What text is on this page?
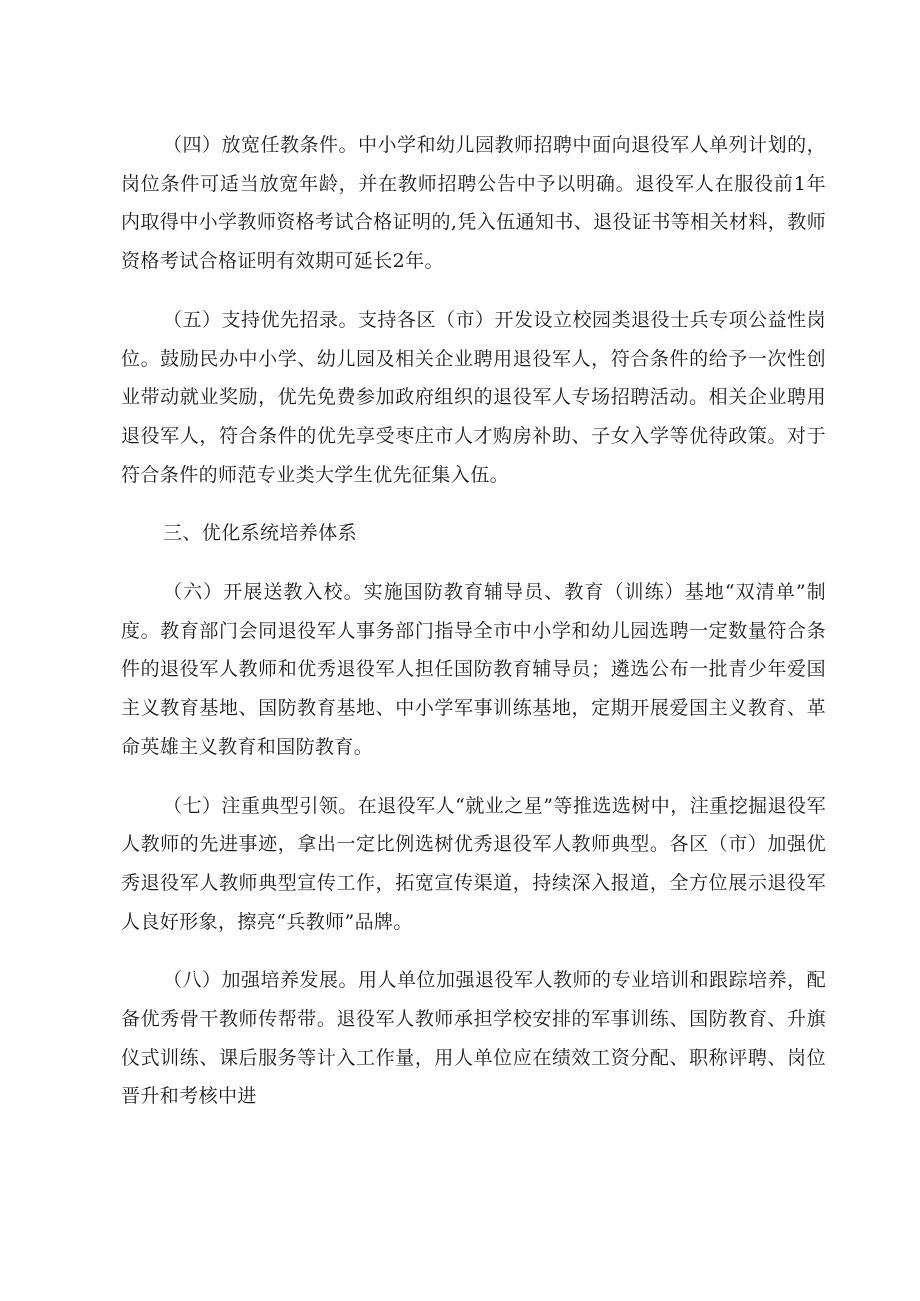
（四）放宽任教条件。中小学和幼儿园教师招聘中面向退役军人单列计划的，岗位条件可适当放宽年龄，并在教师招聘公告中予以明确。退役军人在服役前1年内取得中小学教师资格考试合格证明的,凭入伍通知书、退役证书等相关材料，教师资格考试合格证明有效期可延长2年。

（五）支持优先招录。支持各区（市）开发设立校园类退役士兵专项公益性岗位。鼓励民办中小学、幼儿园及相关企业聘用退役军人，符合条件的给予一次性创业带动就业奖励，优先免费参加政府组织的退役军人专场招聘活动。相关企业聘用退役军人，符合条件的优先享受枣庄市人才购房补助、子女入学等优待政策。对于符合条件的师范专业类大学生优先征集入伍。

三、优化系统培养体系

（六）开展送教入校。实施国防教育辅导员、教育（训练）基地“双清单”制度。教育部门会同退役军人事务部门指导全市中小学和幼儿园选聘一定数量符合条件的退役军人教师和优秀退役军人担任国防教育辅导员；遴选公布一批青少年爱国主义教育基地、国防教育基地、中小学军事训练基地，定期开展爱国主义教育、革命英雄主义教育和国防教育。

（七）注重典型引领。在退役军人“就业之星”等推选选树中，注重挖掘退役军人教师的先进事迹，拿出一定比例选树优秀退役军人教师典型。各区（市）加强优秀退役军人教师典型宣传工作，拓宽宣传渠道，持续深入报道，全方位展示退役军人良好形象，擦亮“兵教师”品牌。

（八）加强培养发展。用人单位加强退役军人教师的专业培训和跟踪培养，配备优秀骨干教师传帮带。退役军人教师承担学校安排的军事训练、国防教育、升旗仪式训练、课后服务等计入工作量，用人单位应在绩效工资分配、职称评聘、岗位晋升和考核中进
